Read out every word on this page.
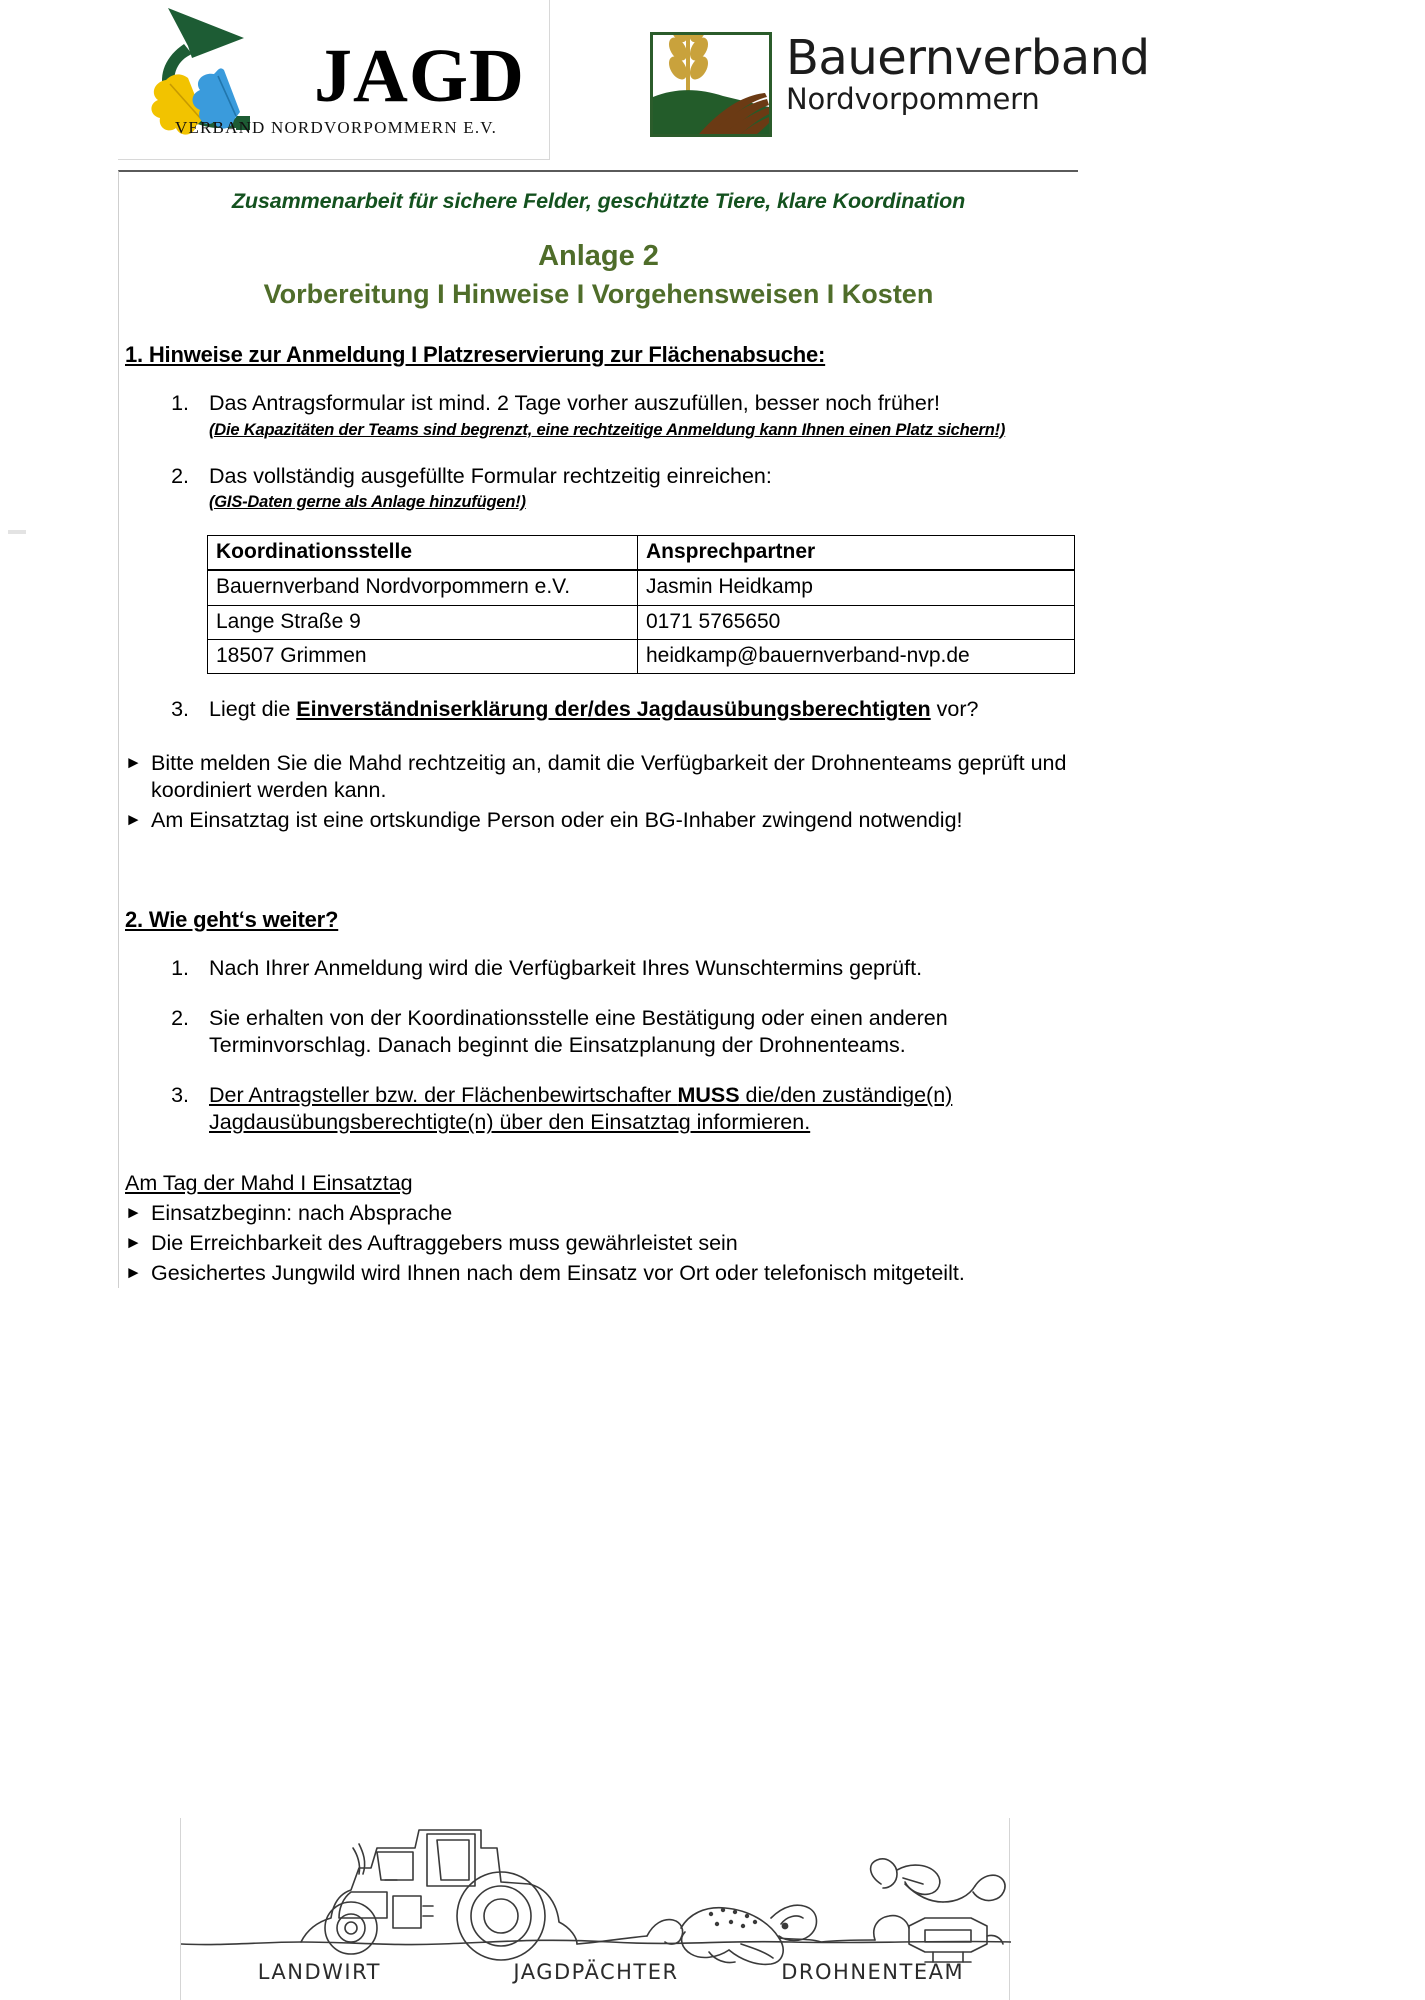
JAGD
VERBAND NORDVORPOMMERN E.V.
Bauernverband
Nordvorpommern
Zusammenarbeit für sichere Felder, geschützte Tiere, klare Koordination
Anlage 2
Vorbereitung I Hinweise I Vorgehensweisen I Kosten
1. Hinweise zur Anmeldung I Platzreservierung zur Flächenabsuche:
1. Das Antragsformular ist mind. 2 Tage vorher auszufüllen, besser noch früher!
(Die Kapazitäten der Teams sind begrenzt, eine rechtzeitige Anmeldung kann Ihnen einen Platz sichern!)
2. Das vollständig ausgefüllte Formular rechtzeitig einreichen:
(GIS-Daten gerne als Anlage hinzufügen!)
Koordinationsstelle	Ansprechpartner
Bauernverband Nordvorpommern e.V.	Jasmin Heidkamp
Lange Straße 9	0171 5765650
18507 Grimmen	heidkamp@bauernverband-nvp.de
3. Liegt die Einverständniserklärung der/des Jagdausübungsberechtigten vor?
► Bitte melden Sie die Mahd rechtzeitig an, damit die Verfügbarkeit der Drohnenteams geprüft und koordiniert werden kann.
► Am Einsatztag ist eine ortskundige Person oder ein BG-Inhaber zwingend notwendig!
2. Wie geht‘s weiter?
1. Nach Ihrer Anmeldung wird die Verfügbarkeit Ihres Wunschtermins geprüft.
2. Sie erhalten von der Koordinationsstelle eine Bestätigung oder einen anderen Terminvorschlag. Danach beginnt die Einsatzplanung der Drohnenteams.
3. Der Antragsteller bzw. der Flächenbewirtschafter MUSS die/den zuständige(n) Jagdausübungsberechtigte(n) über den Einsatztag informieren.
Am Tag der Mahd I Einsatztag
► Einsatzbeginn: nach Absprache
► Die Erreichbarkeit des Auftraggebers muss gewährleistet sein
► Gesichertes Jungwild wird Ihnen nach dem Einsatz vor Ort oder telefonisch mitgeteilt.
LANDWIRT	JAGDPÄCHTER	DROHNENTEAM
